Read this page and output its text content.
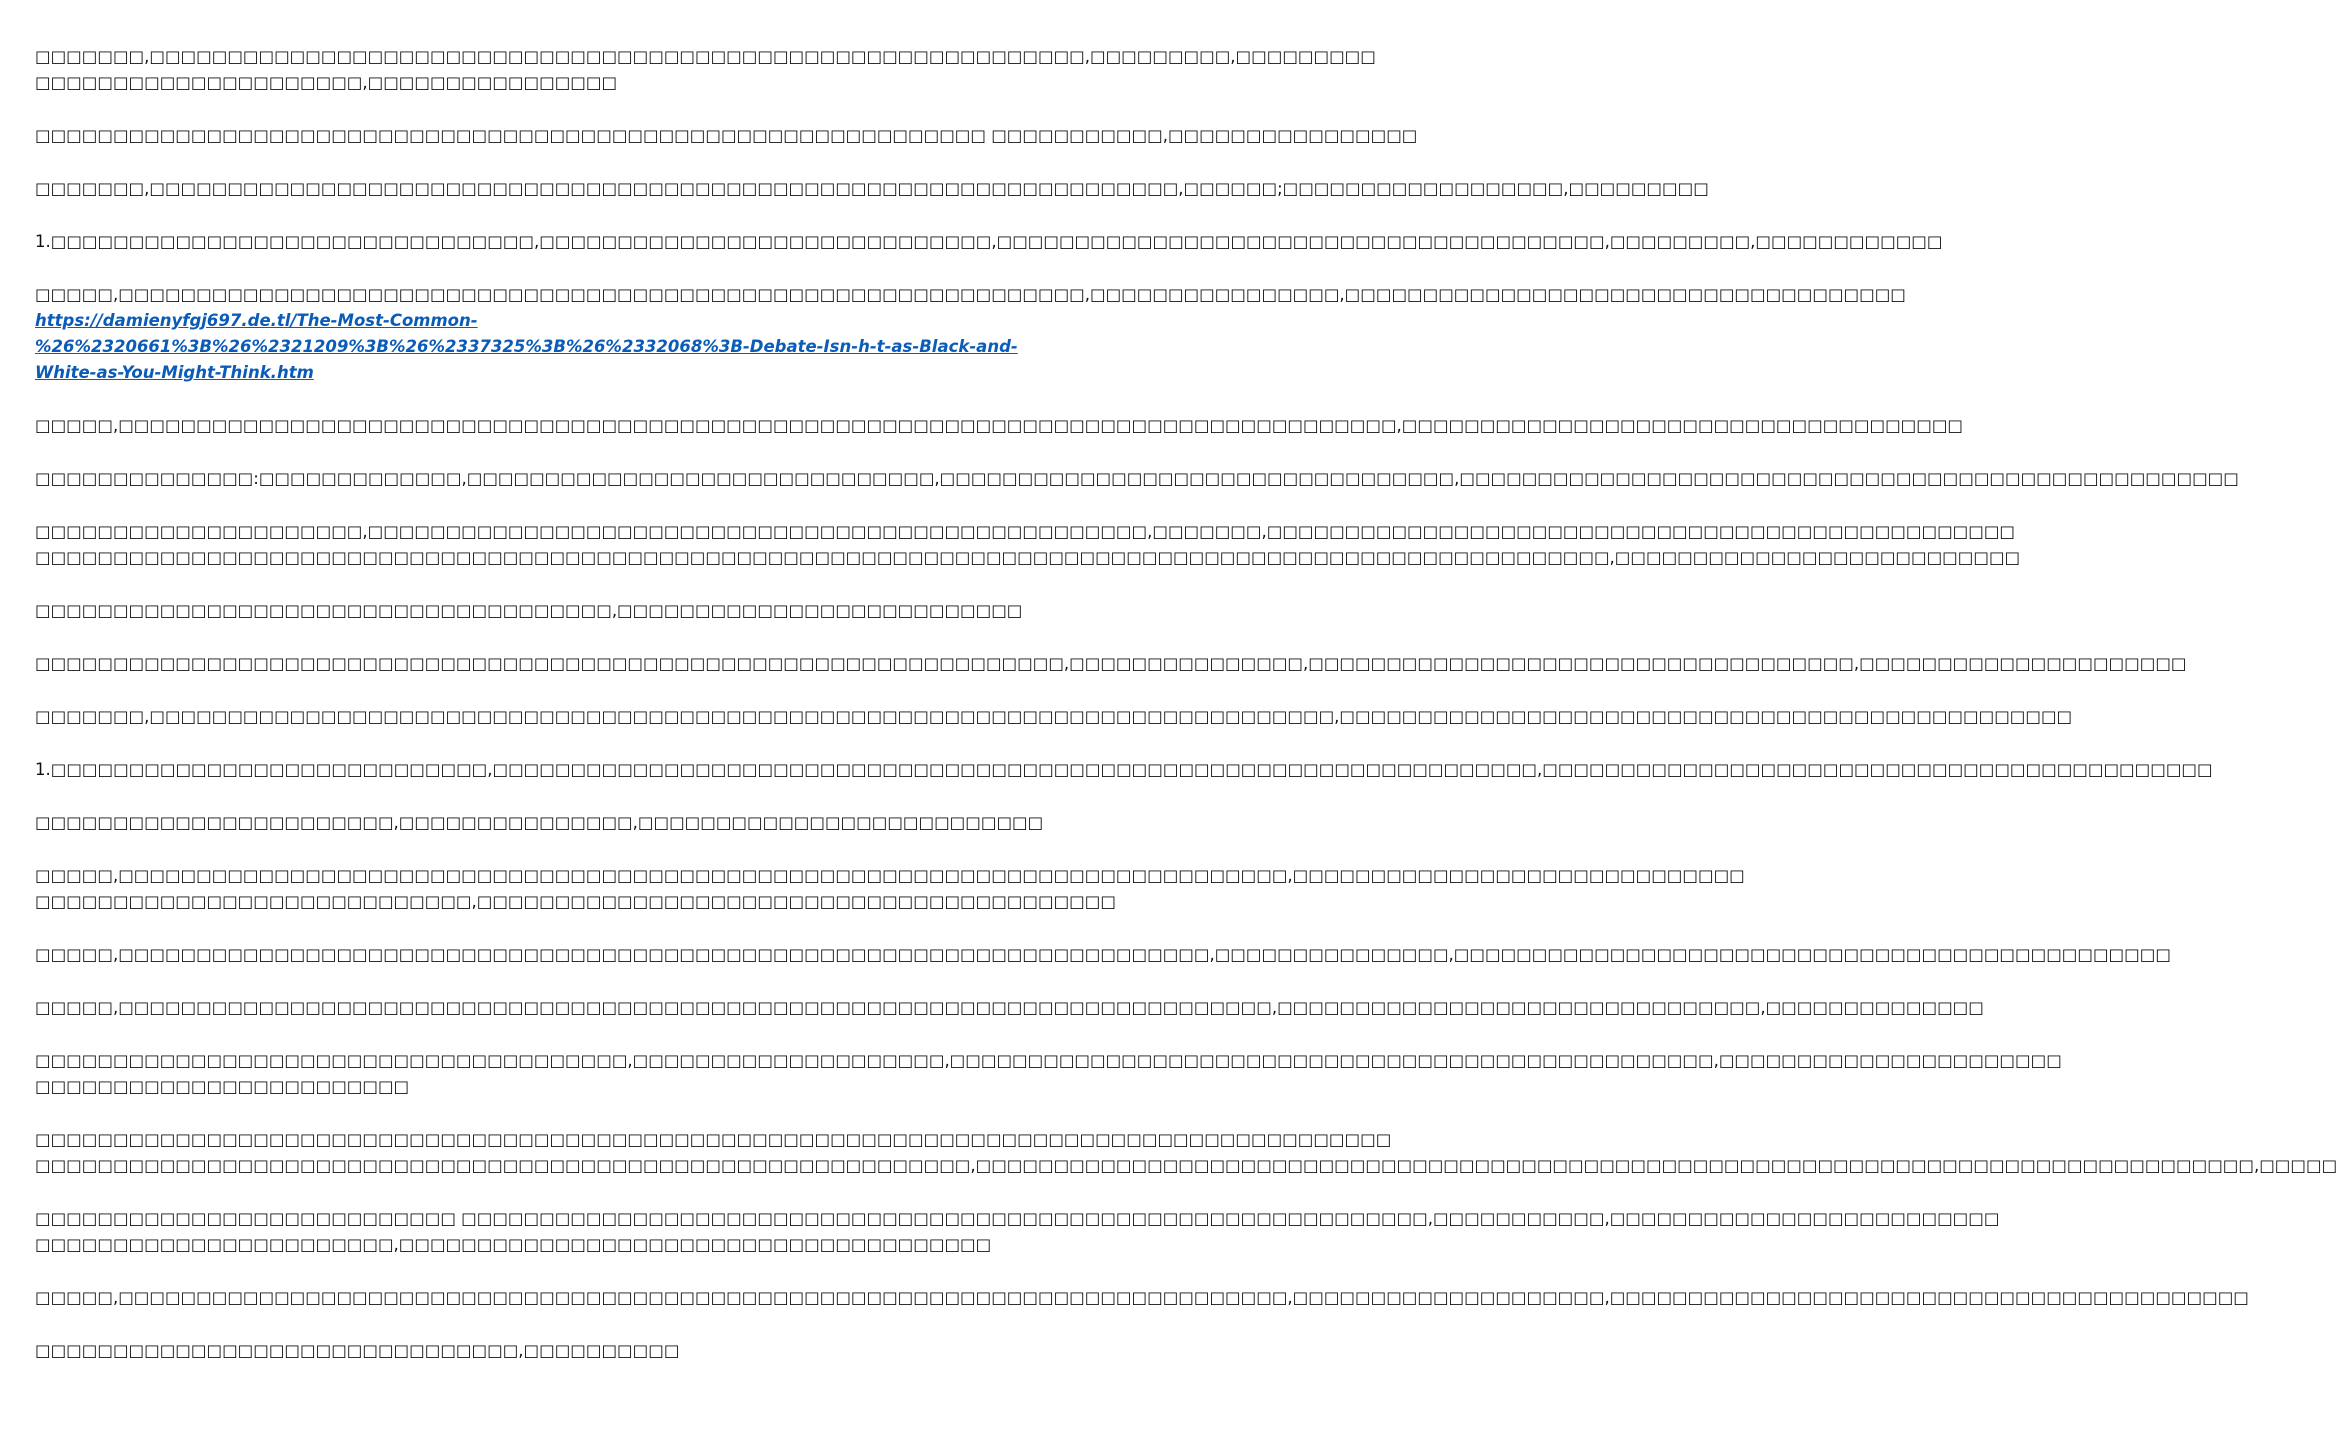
□□□□□□□,□□□□□□□□□□□□□□□□□□□□□□□□□□□□□□□□□□□□□□□□□□□□□□□□□□□□□□□□□□□□,□□□□□□□□□,□□□□□□□□□
□□□□□□□□□□□□□□□□□□□□□,□□□□□□□□□□□□□□□□

□□□□□□□□□□□□□□□□□□□□□□□□□□□□□□□□□□□□□□□□□□□□□□□□□□□□□□□□□□□□□ □□□□□□□□□□□,□□□□□□□□□□□□□□□□

□□□□□□□,□□□□□□□□□□□□□□□□□□□□□□□□□□□□□□□□□□□□□□□□□□□□□□□□□□□□□□□□□□□□□□□□□□,□□□□□□;□□□□□□□□□□□□□□□□□□,□□□□□□□□□

1.□□□□□□□□□□□□□□□□□□□□□□□□□□□□□□□,□□□□□□□□□□□□□□□□□□□□□□□□□□□□□,□□□□□□□□□□□□□□□□□□□□□□□□□□□□□□□□□□□□□□□,□□□□□□□□□,□□□□□□□□□□□□

□□□□□,□□□□□□□□□□□□□□□□□□□□□□□□□□□□□□□□□□□□□□□□□□□□□□□□□□□□□□□□□□□□□□,□□□□□□□□□□□□□□□□,□□□□□□□□□□□□□□□□□□□□□□□□□□□□□□□□□□□□
https://damienyfgj697.de.tl/The-Most-Common-
%26%2320661%3B%26%2321209%3B%26%2337325%3B%26%2332068%3B-Debate-Isn-h-t-as-Black-and-
White-as-You-Might-Think.htm

□□□□□,□□□□□□□□□□□□□□□□□□□□□□□□□□□□□□□□□□□□□□□□□□□□□□□□□□□□□□□□□□□□□□□□□□□□□□□□□□□□□□□□□□,□□□□□□□□□□□□□□□□□□□□□□□□□□□□□□□□□□□□

□□□□□□□□□□□□□□:□□□□□□□□□□□□□,□□□□□□□□□□□□□□□□□□□□□□□□□□□□□□,□□□□□□□□□□□□□□□□□□□□□□□□□□□□□□□□□,□□□□□□□□□□□□□□□□□□□□□□□□□□□□□□□□□□□□□□□□□□□□□□□□□□

□□□□□□□□□□□□□□□□□□□□□,□□□□□□□□□□□□□□□□□□□□□□□□□□□□□□□□□□□□□□□□□□□□□□□□□□,□□□□□□□,□□□□□□□□□□□□□□□□□□□□□□□□□□□□□□□□□□□□□□□□□□□□□□□□
□□□□□□□□□□□□□□□□□□□□□□□□□□□□□□□□□□□□□□□□□□□□□□□□□□□□□□□□□□□□□□□□□□□□□□□□□□□□□□□□□□□□□□□□□□□□□□□□□□□□□,□□□□□□□□□□□□□□□□□□□□□□□□□□

□□□□□□□□□□□□□□□□□□□□□□□□□□□□□□□□□□□□□,□□□□□□□□□□□□□□□□□□□□□□□□□□

□□□□□□□□□□□□□□□□□□□□□□□□□□□□□□□□□□□□□□□□□□□□□□□□□□□□□□□□□□□□□□□□□□,□□□□□□□□□□□□□□□,□□□□□□□□□□□□□□□□□□□□□□□□□□□□□□□□□□□,□□□□□□□□□□□□□□□□□□□□□

□□□□□□□,□□□□□□□□□□□□□□□□□□□□□□□□□□□□□□□□□□□□□□□□□□□□□□□□□□□□□□□□□□□□□□□□□□□□□□□□□□□□,□□□□□□□□□□□□□□□□□□□□□□□□□□□□□□□□□□□□□□□□□□□□□□□

1.□□□□□□□□□□□□□□□□□□□□□□□□□□□□,□□□□□□□□□□□□□□□□□□□□□□□□□□□□□□□□□□□□□□□□□□□□□□□□□□□□□□□□□□□□□□□□□□□,□□□□□□□□□□□□□□□□□□□□□□□□□□□□□□□□□□□□□□□□□□□

□□□□□□□□□□□□□□□□□□□□□□□,□□□□□□□□□□□□□□□,□□□□□□□□□□□□□□□□□□□□□□□□□□

□□□□□,□□□□□□□□□□□□□□□□□□□□□□□□□□□□□□□□□□□□□□□□□□□□□□□□□□□□□□□□□□□□□□□□□□□□□□□□□□□,□□□□□□□□□□□□□□□□□□□□□□□□□□□□□
□□□□□□□□□□□□□□□□□□□□□□□□□□□□,□□□□□□□□□□□□□□□□□□□□□□□□□□□□□□□□□□□□□□□□□

□□□□□,□□□□□□□□□□□□□□□□□□□□□□□□□□□□□□□□□□□□□□□□□□□□□□□□□□□□□□□□□□□□□□□□□□□□□□,□□□□□□□□□□□□□□□,□□□□□□□□□□□□□□□□□□□□□□□□□□□□□□□□□□□□□□□□□□□□□□

□□□□□,□□□□□□□□□□□□□□□□□□□□□□□□□□□□□□□□□□□□□□□□□□□□□□□□□□□□□□□□□□□□□□□□□□□□□□□□□□,□□□□□□□□□□□□□□□□□□□□□□□□□□□□□□□,□□□□□□□□□□□□□□

□□□□□□□□□□□□□□□□□□□□□□□□□□□□□□□□□□□□□□,□□□□□□□□□□□□□□□□□□□□,□□□□□□□□□□□□□□□□□□□□□□□□□□□□□□□□□□□□□□□□□□□□□□□□□,□□□□□□□□□□□□□□□□□□□□□□
□□□□□□□□□□□□□□□□□□□□□□□□

□□□□□□□□□□□□□□□□□□□□□□□□□□□□□□□□□□□□□□□□□□□□□□□□□□□□□□□□□□□□□□□□□□□□□□□□□□□□□□□□□□□□□□□
□□□□□□□□□□□□□□□□□□□□□□□□□□□□□□□□□□□□□□□□□□□□□□□□□□□□□□□□□□□□,□□□□□□□□□□□□□□□□□□□□□□□□□□□□□□□□□□□□□□□□□□□□□□□□□□□□□□□□□□□□□□□□□□□□□□□□□□□□□□□□□□,□□□□□

□□□□□□□□□□□□□□□□□□□□□□□□□□□ □□□□□□□□□□□□□□□□□□□□□□□□□□□□□□□□□□□□□□□□□□□□□□□□□□□□□□□□□□□□□□,□□□□□□□□□□□,□□□□□□□□□□□□□□□□□□□□□□□□□
□□□□□□□□□□□□□□□□□□□□□□□,□□□□□□□□□□□□□□□□□□□□□□□□□□□□□□□□□□□□□□

□□□□□,□□□□□□□□□□□□□□□□□□□□□□□□□□□□□□□□□□□□□□□□□□□□□□□□□□□□□□□□□□□□□□□□□□□□□□□□□□□,□□□□□□□□□□□□□□□□□□□□,□□□□□□□□□□□□□□□□□□□□□□□□□□□□□□□□□□□□□□□□□

□□□□□□□□□□□□□□□□□□□□□□□□□□□□□□□,□□□□□□□□□□
